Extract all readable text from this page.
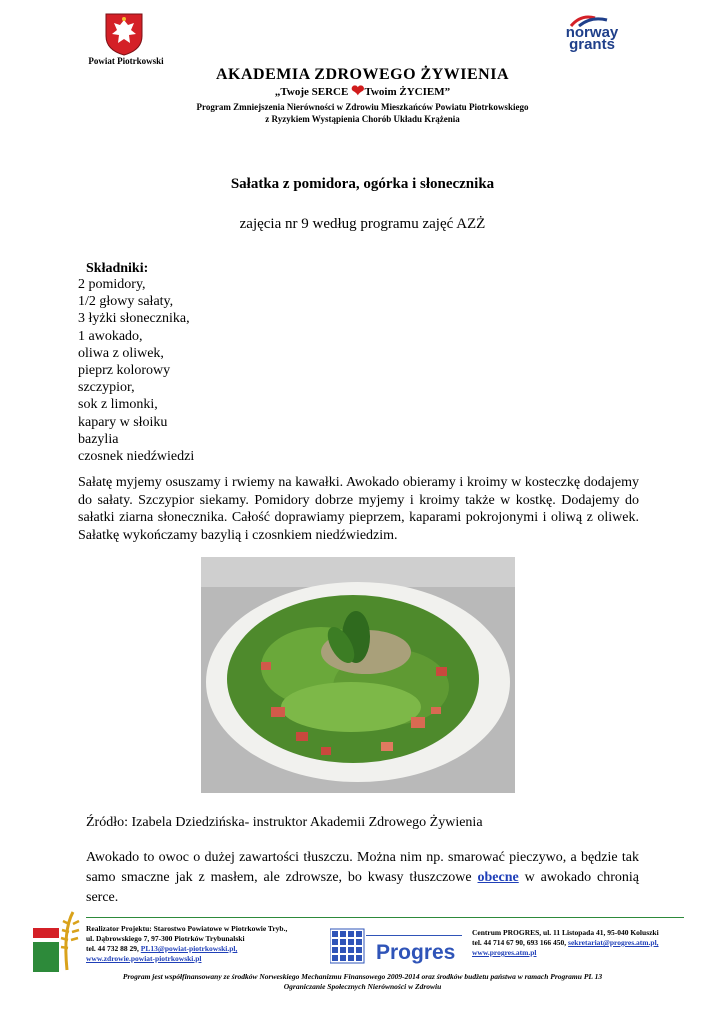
Powiat Piotrkowski
norway
grants
AKADEMIA ZDROWEGO ŻYWIENIA
„Twoje SERCE ❤Twoim ŻYCIEM”
Program Zmniejszenia Nierówności w Zdrowiu Mieszkańców Powiatu Piotrkowskiego
z Ryzykiem Wystąpienia Chorób Układu Krążenia
Sałatka z pomidora, ogórka i słonecznika
zajęcia nr 9 według programu zajęć AZŻ
Składniki:
2 pomidory,
1/2 głowy sałaty,
3 łyżki słonecznika,
1 awokado,
oliwa z oliwek,
pieprz kolorowy
szczypior,
sok z limonki,
kapary w słoiku
bazylia
czosnek niedźwiedzi

Sałatę myjemy osuszamy i rwiemy na kawałki. Awokado obieramy i kroimy w kosteczkę dodajemy do sałaty. Szczypior siekamy. Pomidory dobrze myjemy i kroimy także w kostkę. Dodajemy do sałatki ziarna słonecznika. Całość doprawiamy pieprzem, kaparami pokrojonymi i oliwą z oliwek. Sałatkę wykończamy bazylią i czosnkiem niedźwiedzim.

Źródło: Izabela Dziedzińska- instruktor Akademii Zdrowego Żywienia

Awokado to owoc o dużej zawartości tłuszczu. Można nim np. smarować pieczywo, a będzie tak samo smaczne jak z masłem, ale zdrowsze, bo kwasy tłuszczowe obecne w awokado chronią serce.

Realizator Projektu: Starostwo Powiatowe w Piotrkowie Tryb.,
ul. Dąbrowskiego 7, 97-300 Piotrków Trybunalski
tel. 44 732 88 29, PL13@powiat-piotrkowski.pl,
www.zdrowie.powiat-piotrkowski.pl	Progres
Centrum PROGRES, ul. 11 Listopada 41, 95-040 Koluszki
tel. 44 714 67 90, 693 166 450, sekretariat@progres.atm.pl,
www.progres.atm.pl
Program jest współfinansowany ze środków Norweskiego Mechanizmu Finansowego 2009-2014 oraz środków budżetu państwa w ramach Programu PL 13
Ograniczanie Społecznych Nierówności w Zdrowiu
